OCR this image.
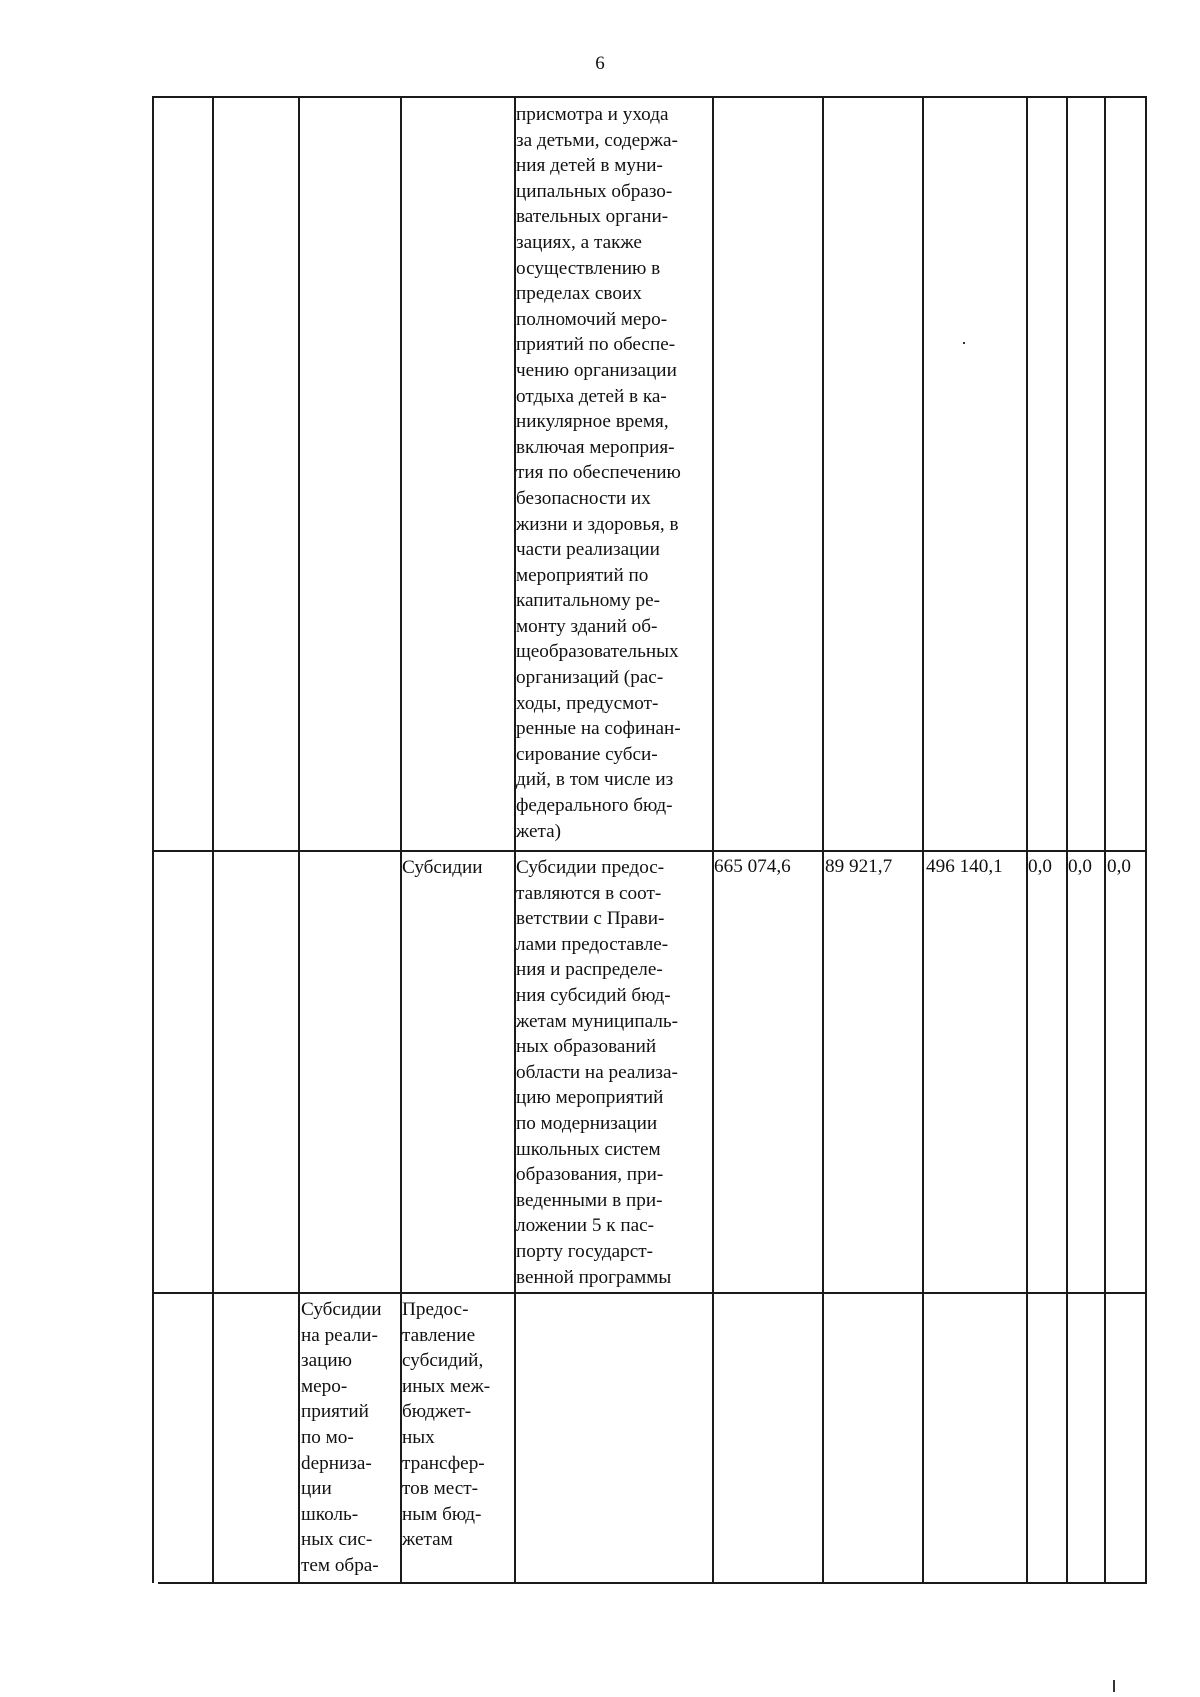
6
присмотра и ухода
за детьми, содержа-
ния детей в муни-
ципальных образо-
вательных органи-
зациях, а также
осуществлению в
пределах своих
полномочий меро-
приятий по обеспе-
чению организации
отдыха детей в ка-
никулярное время,
включая мероприя-
тия по обеспечению
безопасности их
жизни и здоровья, в
части реализации
мероприятий по
капитальному ре-
монту зданий об-
щеобразовательных
организаций (рас-
ходы, предусмот-
ренные на софинан-
сирование субси-
дий, в том числе из
федерального бюд-
жета)
Субсидии Субсидии предос-
тавляются в соот-
ветствии с Прави-
лами предоставле-
ния и распределе-
ния субсидий бюд-
жетам муниципаль-
ных образований
области на реализа-
цию мероприятий
по модернизации
школьных систем
образования, при-
веденными в при-
ложении 5 к пас-
порту государст-
венной программы
665 074,6 89 921,7 496 140,1 0,0 0,0 0,0
Субсидии
на реали-
зацию
меро-
приятий
по мо-
dерниза-
ции
школь-
ных сис-
тем обра-
Предос-
тавление
субсидий,
иных меж-
бюджет-
ных
трансфер-
тов мест-
ным бюд-
жетам
